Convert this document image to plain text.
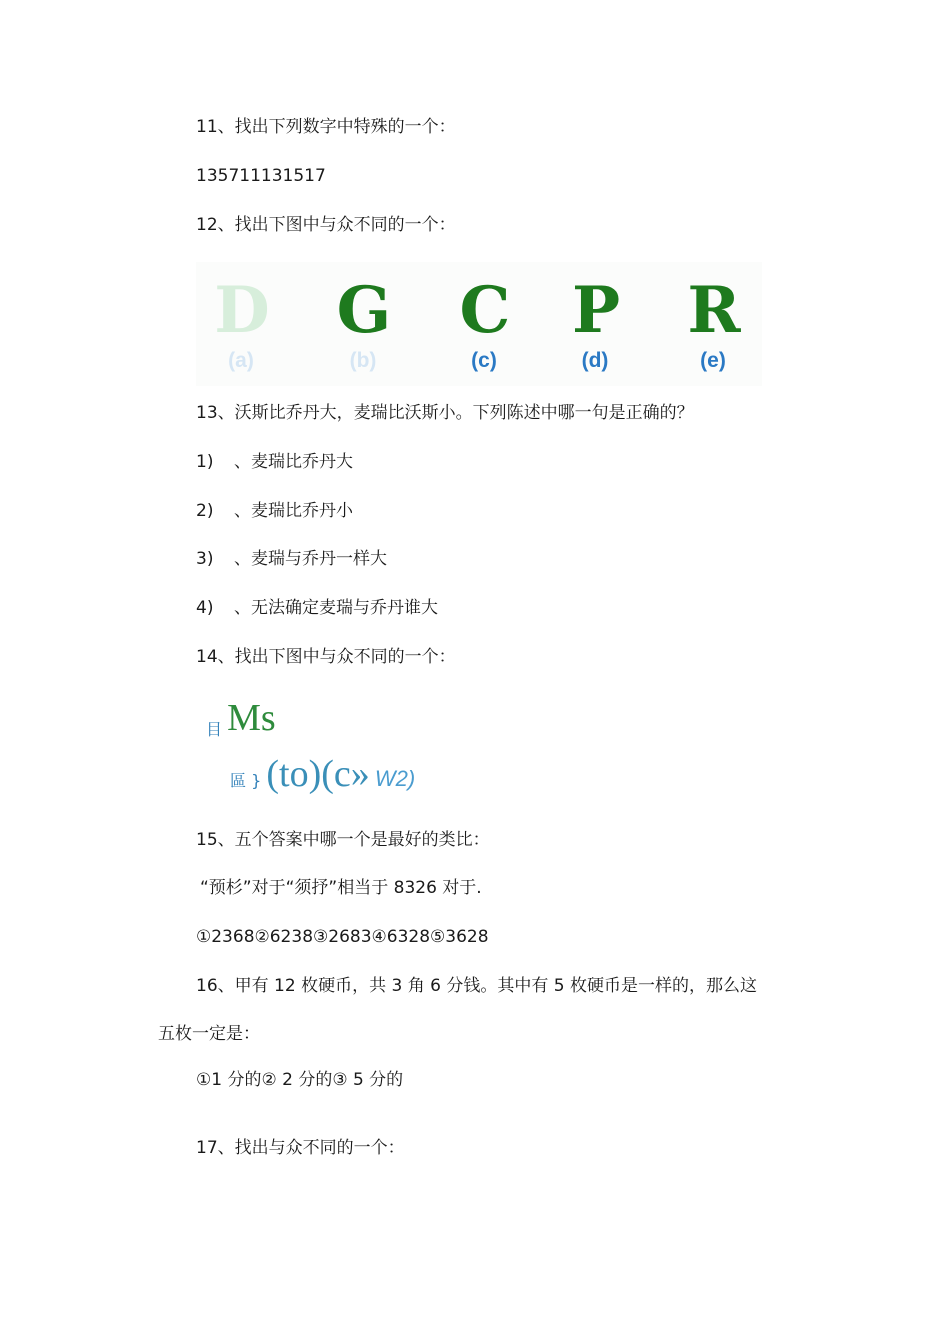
11、找出下列数字中特殊的一个：
135711131517
12、找出下图中与众不同的一个：
D
(a)
G
(b)
C
(c)
P
(d)
R
(e)
13、沃斯比乔丹大，麦瑞比沃斯小。下列陈述中哪一句是正确的？
1) 、麦瑞比乔丹大
2) 、麦瑞比乔丹小
3) 、麦瑞与乔丹一样大
4) 、无法确定麦瑞与乔丹谁大
14、找出下图中与众不同的一个：
目 Ms
區 } (to)(c» W2)
15、五个答案中哪一个是最好的类比：
“预杉”对于“须抒”相当于 8326 对于.
①2368②6238③2683④6328⑤3628
16、甲有 12 枚硬币，共 3 角 6 分钱。其中有 5 枚硬币是一样的，那么这
五枚一定是：
①1 分的② 2 分的③ 5 分的
17、找出与众不同的一个：
